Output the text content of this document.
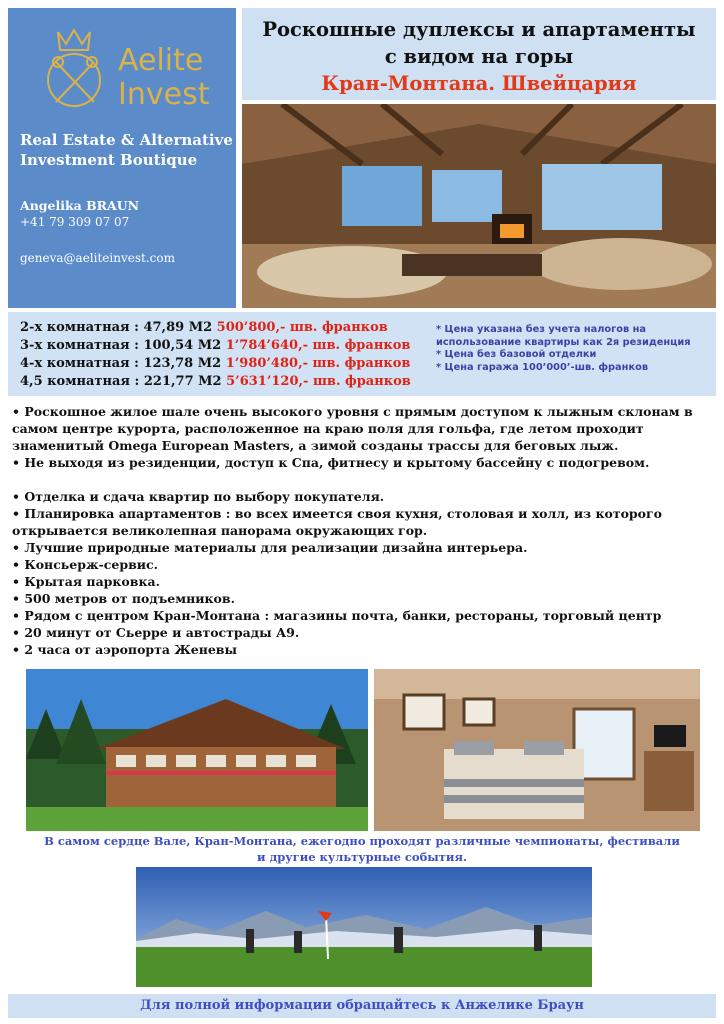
Aelite
Invest
Real Estate & Alternative
Investment Boutique
Angelika BRAUN
+41 79 309 07 07
geneva@aeliteinvest.com
Роскошные дуплексы и апартаменты
с видом на горы
Кран-Монтана. Швейцария
2-х комнатная : 47,89 М2 500’800,- шв. франков
3-х комнатная : 100,54 М2 1’784’640,- шв. франков
4-х комнатная : 123,78 М2 1’980’480,- шв. франков
4,5 комнатная : 221,77 М2 5’631’120,- шв. франков
* Цена указана без учета налогов на использование квартиры как 2я резиденция
* Цена без базовой отделки
* Цена гаража 100’000’-шв. франков

• Роскошное жилое шале очень высокого уровня с прямым доступом к лыжным склонам в самом центре курорта, расположенное на краю поля для гольфа, где летом проходит знаменитый Omega European Masters, а зимой созданы трассы для беговых лыж.

• Не выходя из резиденции, доступ к Спа, фитнесу и крытому бассейну с подогревом.

• Отделка и сдача квартир по выбору покупателя.

• Планировка апартаментов : во всех имеется своя кухня, столовая и холл, из которого открывается великолепная панорама окружающих гор.

• Лучшие природные материалы для реализации дизайна интерьера.

• Консьерж-сервис.

• Крытая парковка.

• 500 метров от подъемников.

• Рядом с центром Кран-Монтана : магазины почта, банки, рестораны, торговый центр

• 20 минут от Сьерре и автострады А9.

• 2 часа от аэропорта Женевы

В самом сердце Вале, Кран-Монтана, ежегодно проходят различные чемпионаты, фестивали
и другие культурные события.
Для полной информации обращайтесь к Анжелике Браун
